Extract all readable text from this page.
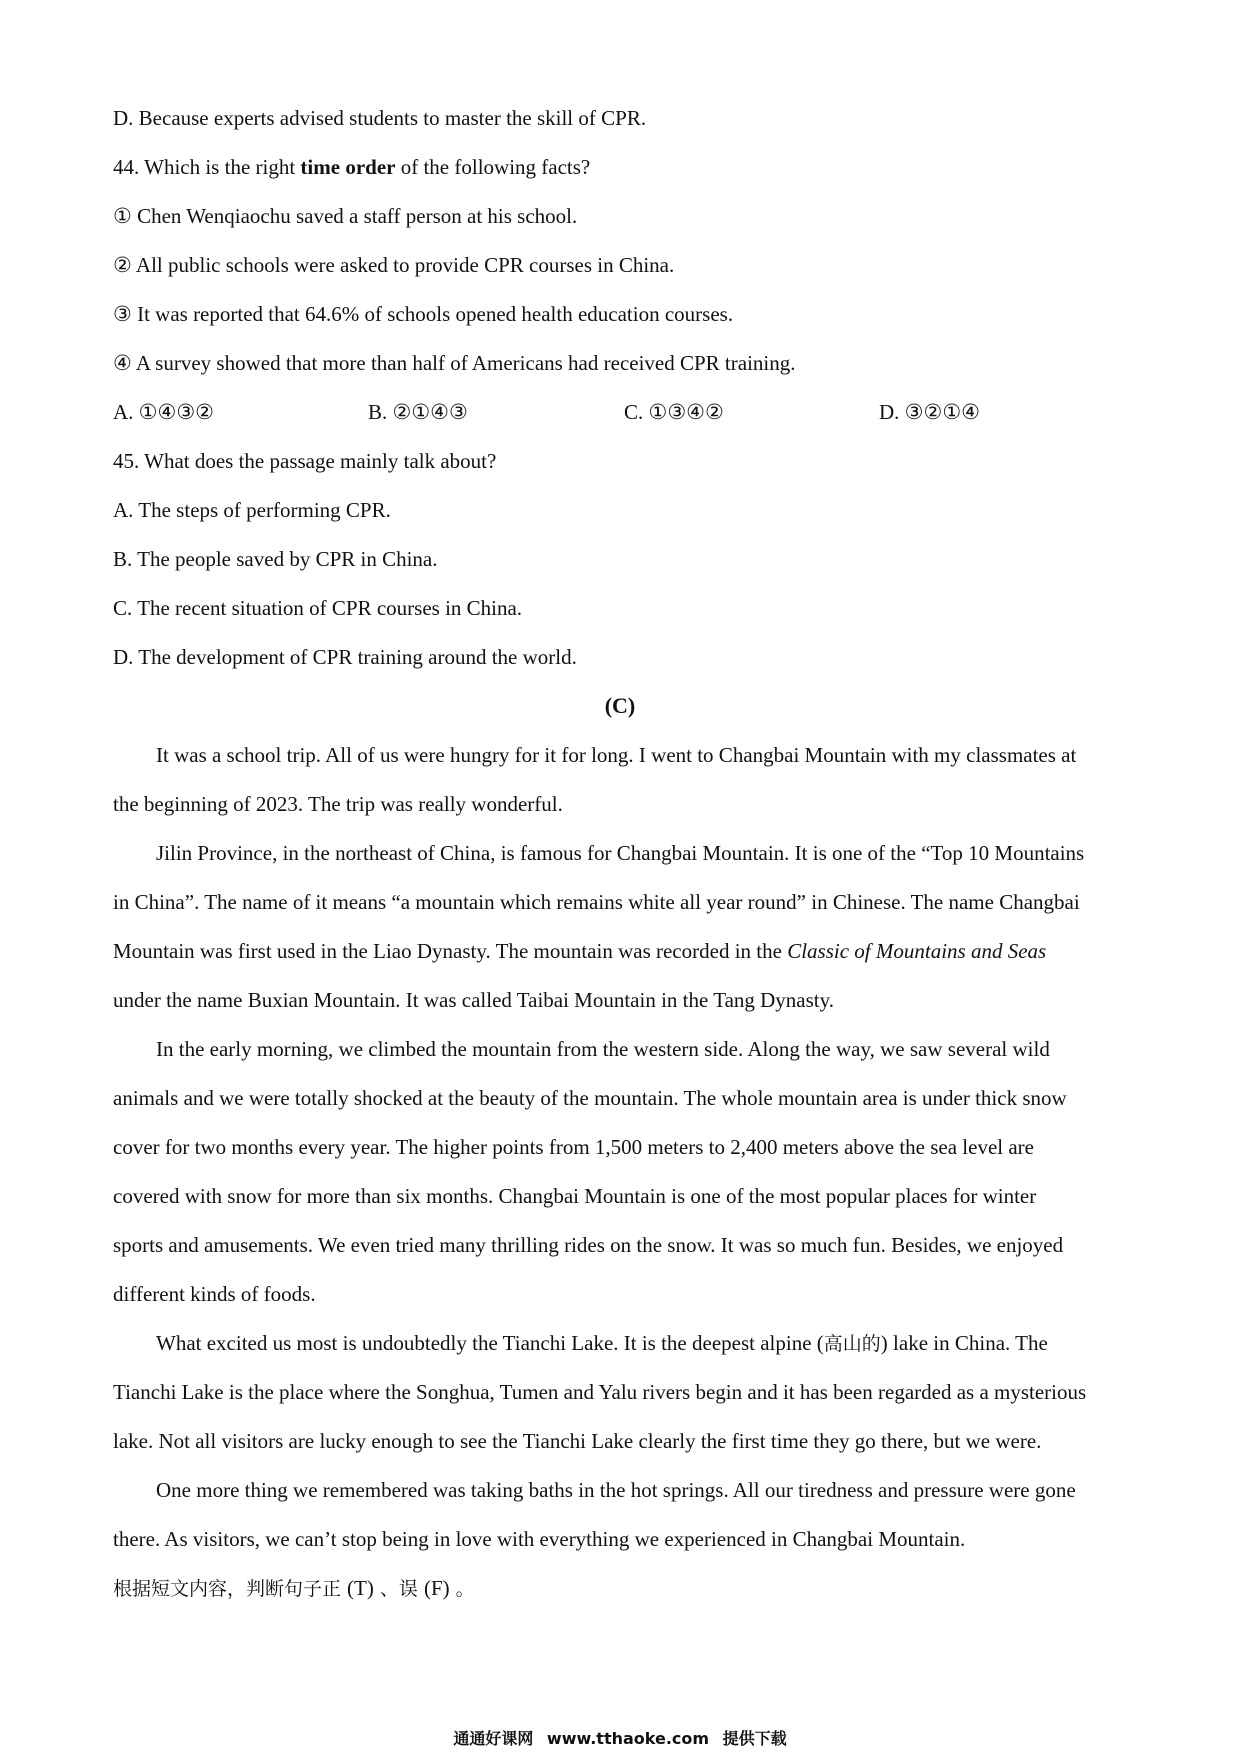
D. Because experts advised students to master the skill of CPR.

44. Which is the right time order of the following facts?

① Chen Wenqiaochu saved a staff person at his school.

② All public schools were asked to provide CPR courses in China.

③ It was reported that 64.6% of schools opened health education courses.

④ A survey showed that more than half of Americans had received CPR training.

A. ①④③②	B. ②①④③	C. ①③④②	D. ③②①④

45. What does the passage mainly talk about?

A. The steps of performing CPR.

B. The people saved by CPR in China.

C. The recent situation of CPR courses in China.

D. The development of CPR training around the world.

(C)

It was a school trip. All of us were hungry for it for long. I went to Changbai Mountain with my classmates at

the beginning of 2023. The trip was really wonderful.

Jilin Province, in the northeast of China, is famous for Changbai Mountain. It is one of the “Top 10 Mountains

in China”. The name of it means “a mountain which remains white all year round” in Chinese. The name Changbai

Mountain was first used in the Liao Dynasty. The mountain was recorded in the Classic of Mountains and Seas

under the name Buxian Mountain. It was called Taibai Mountain in the Tang Dynasty.

In the early morning, we climbed the mountain from the western side. Along the way, we saw several wild

animals and we were totally shocked at the beauty of the mountain. The whole mountain area is under thick snow

cover for two months every year. The higher points from 1,500 meters to 2,400 meters above the sea level are

covered with snow for more than six months. Changbai Mountain is one of the most popular places for winter

sports and amusements. We even tried many thrilling rides on the snow. It was so much fun. Besides, we enjoyed

different kinds of foods.

What excited us most is undoubtedly the Tianchi Lake. It is the deepest alpine (高山的) lake in China. The

Tianchi Lake is the place where the Songhua, Tumen and Yalu rivers begin and it has been regarded as a mysterious

lake. Not all visitors are lucky enough to see the Tianchi Lake clearly the first time they go there, but we were.

One more thing we remembered was taking baths in the hot springs. All our tiredness and pressure were gone

there. As visitors, we can’t stop being in love with everything we experienced in Changbai Mountain.

根据短文内容，判断句子正 (T) 、误 (F) 。

通通好课网 www.tthaoke.com 提供下载
